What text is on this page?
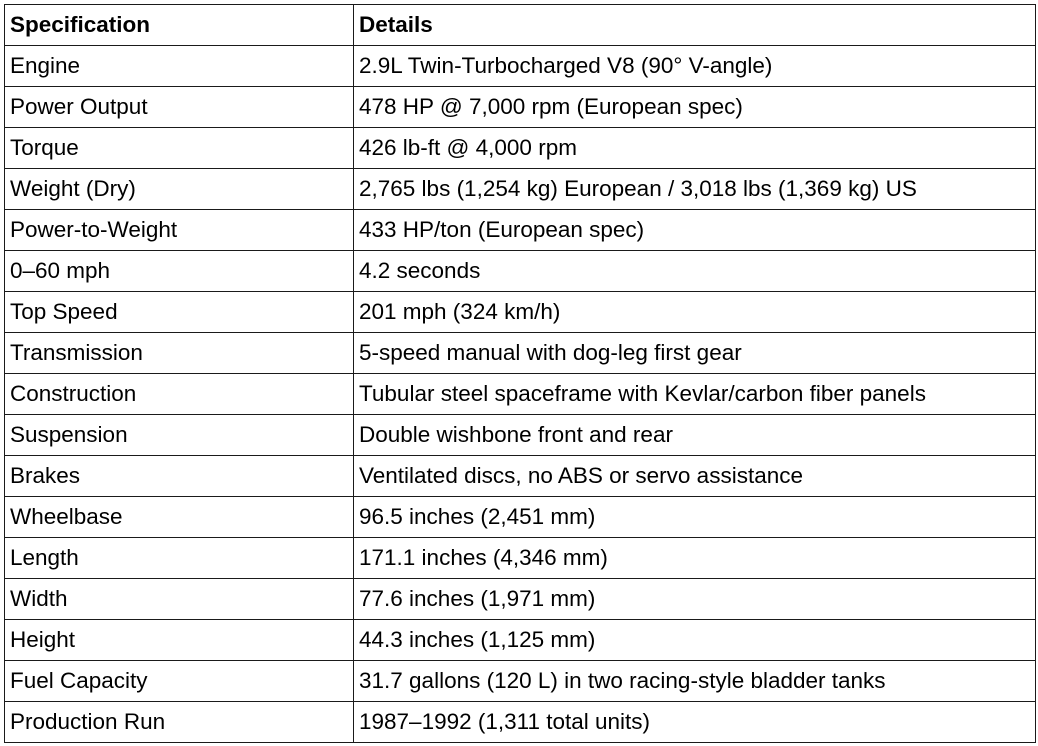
Specification	Details
Engine	2.9L Twin-Turbocharged V8 (90° V-angle)
Power Output	478 HP @ 7,000 rpm (European spec)
Torque	426 lb-ft @ 4,000 rpm
Weight (Dry)	2,765 lbs (1,254 kg) European / 3,018 lbs (1,369 kg) US
Power-to-Weight	433 HP/ton (European spec)
0–60 mph	4.2 seconds
Top Speed	201 mph (324 km/h)
Transmission	5-speed manual with dog-leg first gear
Construction	Tubular steel spaceframe with Kevlar/carbon fiber panels
Suspension	Double wishbone front and rear
Brakes	Ventilated discs, no ABS or servo assistance
Wheelbase	96.5 inches (2,451 mm)
Length	171.1 inches (4,346 mm)
Width	77.6 inches (1,971 mm)
Height	44.3 inches (1,125 mm)
Fuel Capacity	31.7 gallons (120 L) in two racing-style bladder tanks
Production Run	1987–1992 (1,311 total units)
